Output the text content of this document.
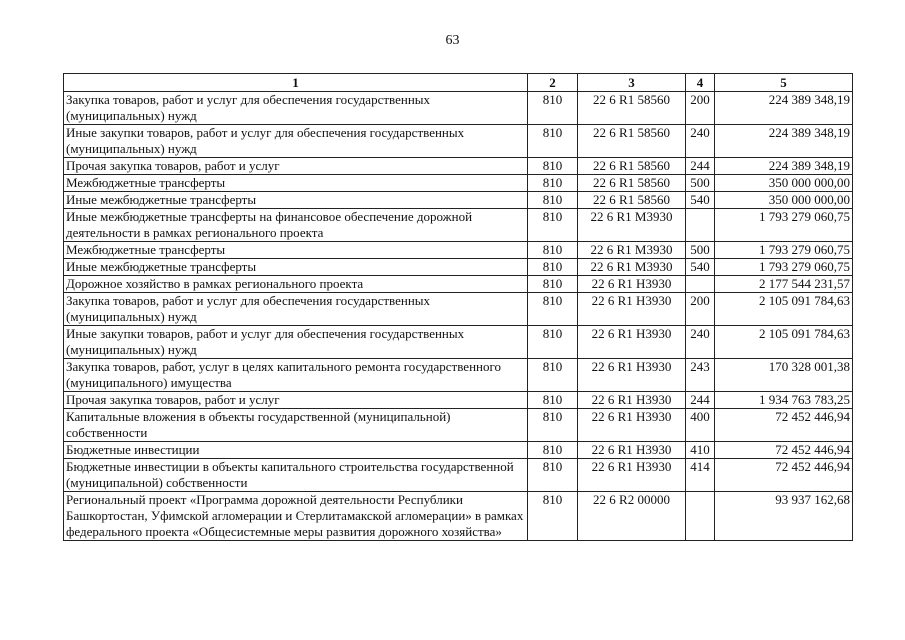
63
1	2	3	4	5
Закупка товаров, работ и услуг для обеспечения государственных (муниципальных) нужд	810	22 6 R1 58560	200	224 389 348,19
Иные закупки товаров, работ и услуг для обеспечения государственных (муниципальных) нужд	810	22 6 R1 58560	240	224 389 348,19
Прочая закупка товаров, работ и услуг	810	22 6 R1 58560	244	224 389 348,19
Межбюджетные трансферты	810	22 6 R1 58560	500	350 000 000,00
Иные межбюджетные трансферты	810	22 6 R1 58560	540	350 000 000,00
Иные межбюджетные трансферты на финансовое обеспечение дорожной деятельности в рамках регионального проекта	810	22 6 R1 M3930		1 793 279 060,75
Межбюджетные трансферты	810	22 6 R1 M3930	500	1 793 279 060,75
Иные межбюджетные трансферты	810	22 6 R1 M3930	540	1 793 279 060,75
Дорожное хозяйство в рамках регионального проекта	810	22 6 R1 H3930		2 177 544 231,57
Закупка товаров, работ и услуг для обеспечения государственных (муниципальных) нужд	810	22 6 R1 H3930	200	2 105 091 784,63
Иные закупки товаров, работ и услуг для обеспечения государственных (муниципальных) нужд	810	22 6 R1 H3930	240	2 105 091 784,63
Закупка товаров, работ, услуг в целях капитального ремонта государственного (муниципального) имущества	810	22 6 R1 H3930	243	170 328 001,38
Прочая закупка товаров, работ и услуг	810	22 6 R1 H3930	244	1 934 763 783,25
Капитальные вложения в объекты государственной (муниципальной) собственности	810	22 6 R1 H3930	400	72 452 446,94
Бюджетные инвестиции	810	22 6 R1 H3930	410	72 452 446,94
Бюджетные инвестиции в объекты капитального строительства государственной (муниципальной) собственности	810	22 6 R1 H3930	414	72 452 446,94
Региональный проект «Программа дорожной деятельности Республики Башкортостан, Уфимской агломерации и Стерлитамакской агломерации» в рамках федерального проекта «Общесистемные меры развития дорожного хозяйства»	810	22 6 R2 00000		93 937 162,68
